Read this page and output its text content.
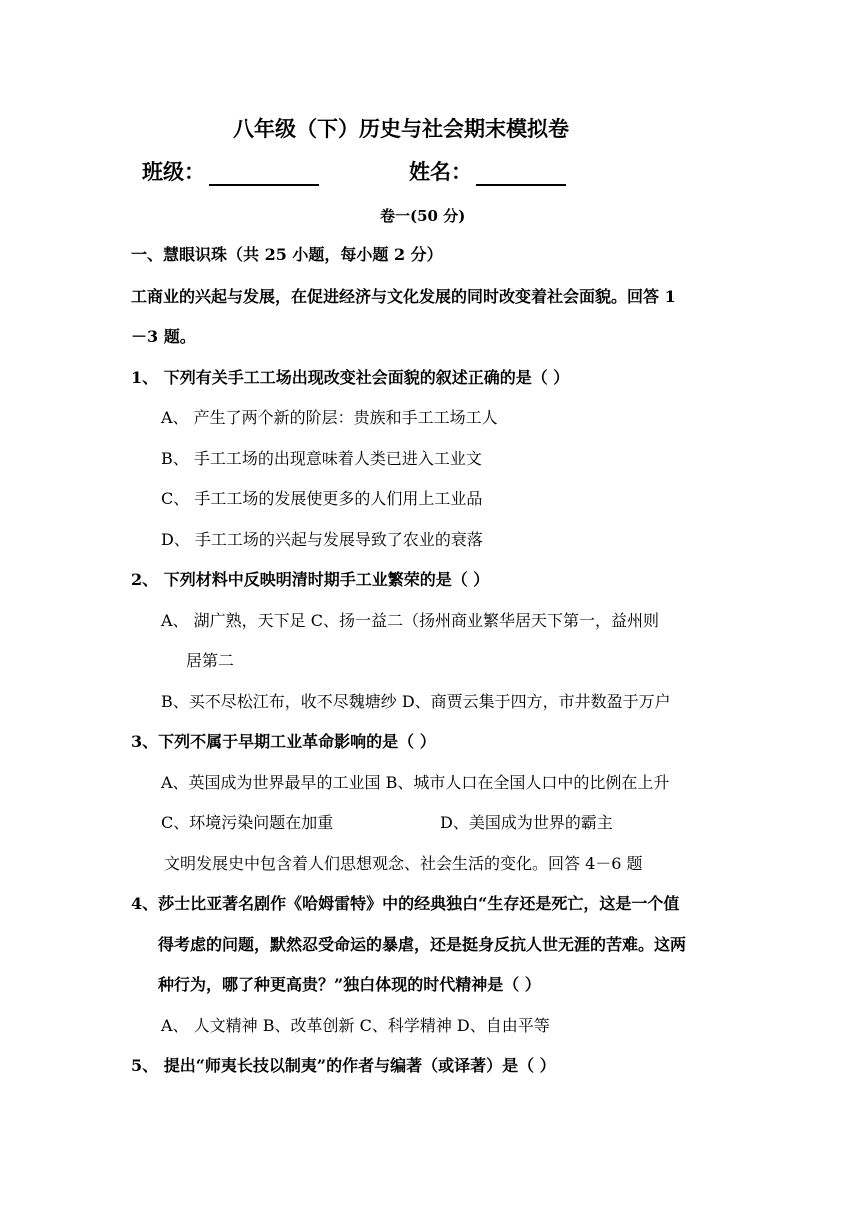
八年级（下）历史与社会期末模拟卷
班级：	姓名：
卷一(50 分)
一、慧眼识珠（共 25 小题，每小题 2 分）
工商业的兴起与发展，在促进经济与文化发展的同时改变着社会面貌。回答 1
－3 题。
1、 下列有关手工工场出现改变社会面貌的叙述正确的是（ ）
A、 产生了两个新的阶层：贵族和手工工场工人
B、 手工工场的出现意味着人类已进入工业文
C、 手工工场的发展使更多的人们用上工业品
D、 手工工场的兴起与发展导致了农业的衰落
2、 下列材料中反映明清时期手工业繁荣的是（ ）
A、 湖广熟，天下足 C、扬一益二（扬州商业繁华居天下第一，益州则
居第二
B、买不尽松江布，收不尽魏塘纱 D、商贾云集于四方，市井数盈于万户
3、下列不属于早期工业革命影响的是（ ）
A、英国成为世界最早的工业国 B、城市人口在全国人口中的比例在上升
C、环境污染问题在加重	D、美国成为世界的霸主
文明发展史中包含着人们思想观念、社会生活的变化。回答 4－6 题
4、莎士比亚著名剧作《哈姆雷特》中的经典独白“生存还是死亡，这是一个值
得考虑的问题，默然忍受命运的暴虐，还是挺身反抗人世无涯的苦难。这两
种行为，哪了种更高贵？”独白体现的时代精神是（ ）
A、 人文精神 B、改革创新 C、科学精神 D、自由平等
5、 提出“师夷长技以制夷”的作者与编著（或译著）是（ ）
